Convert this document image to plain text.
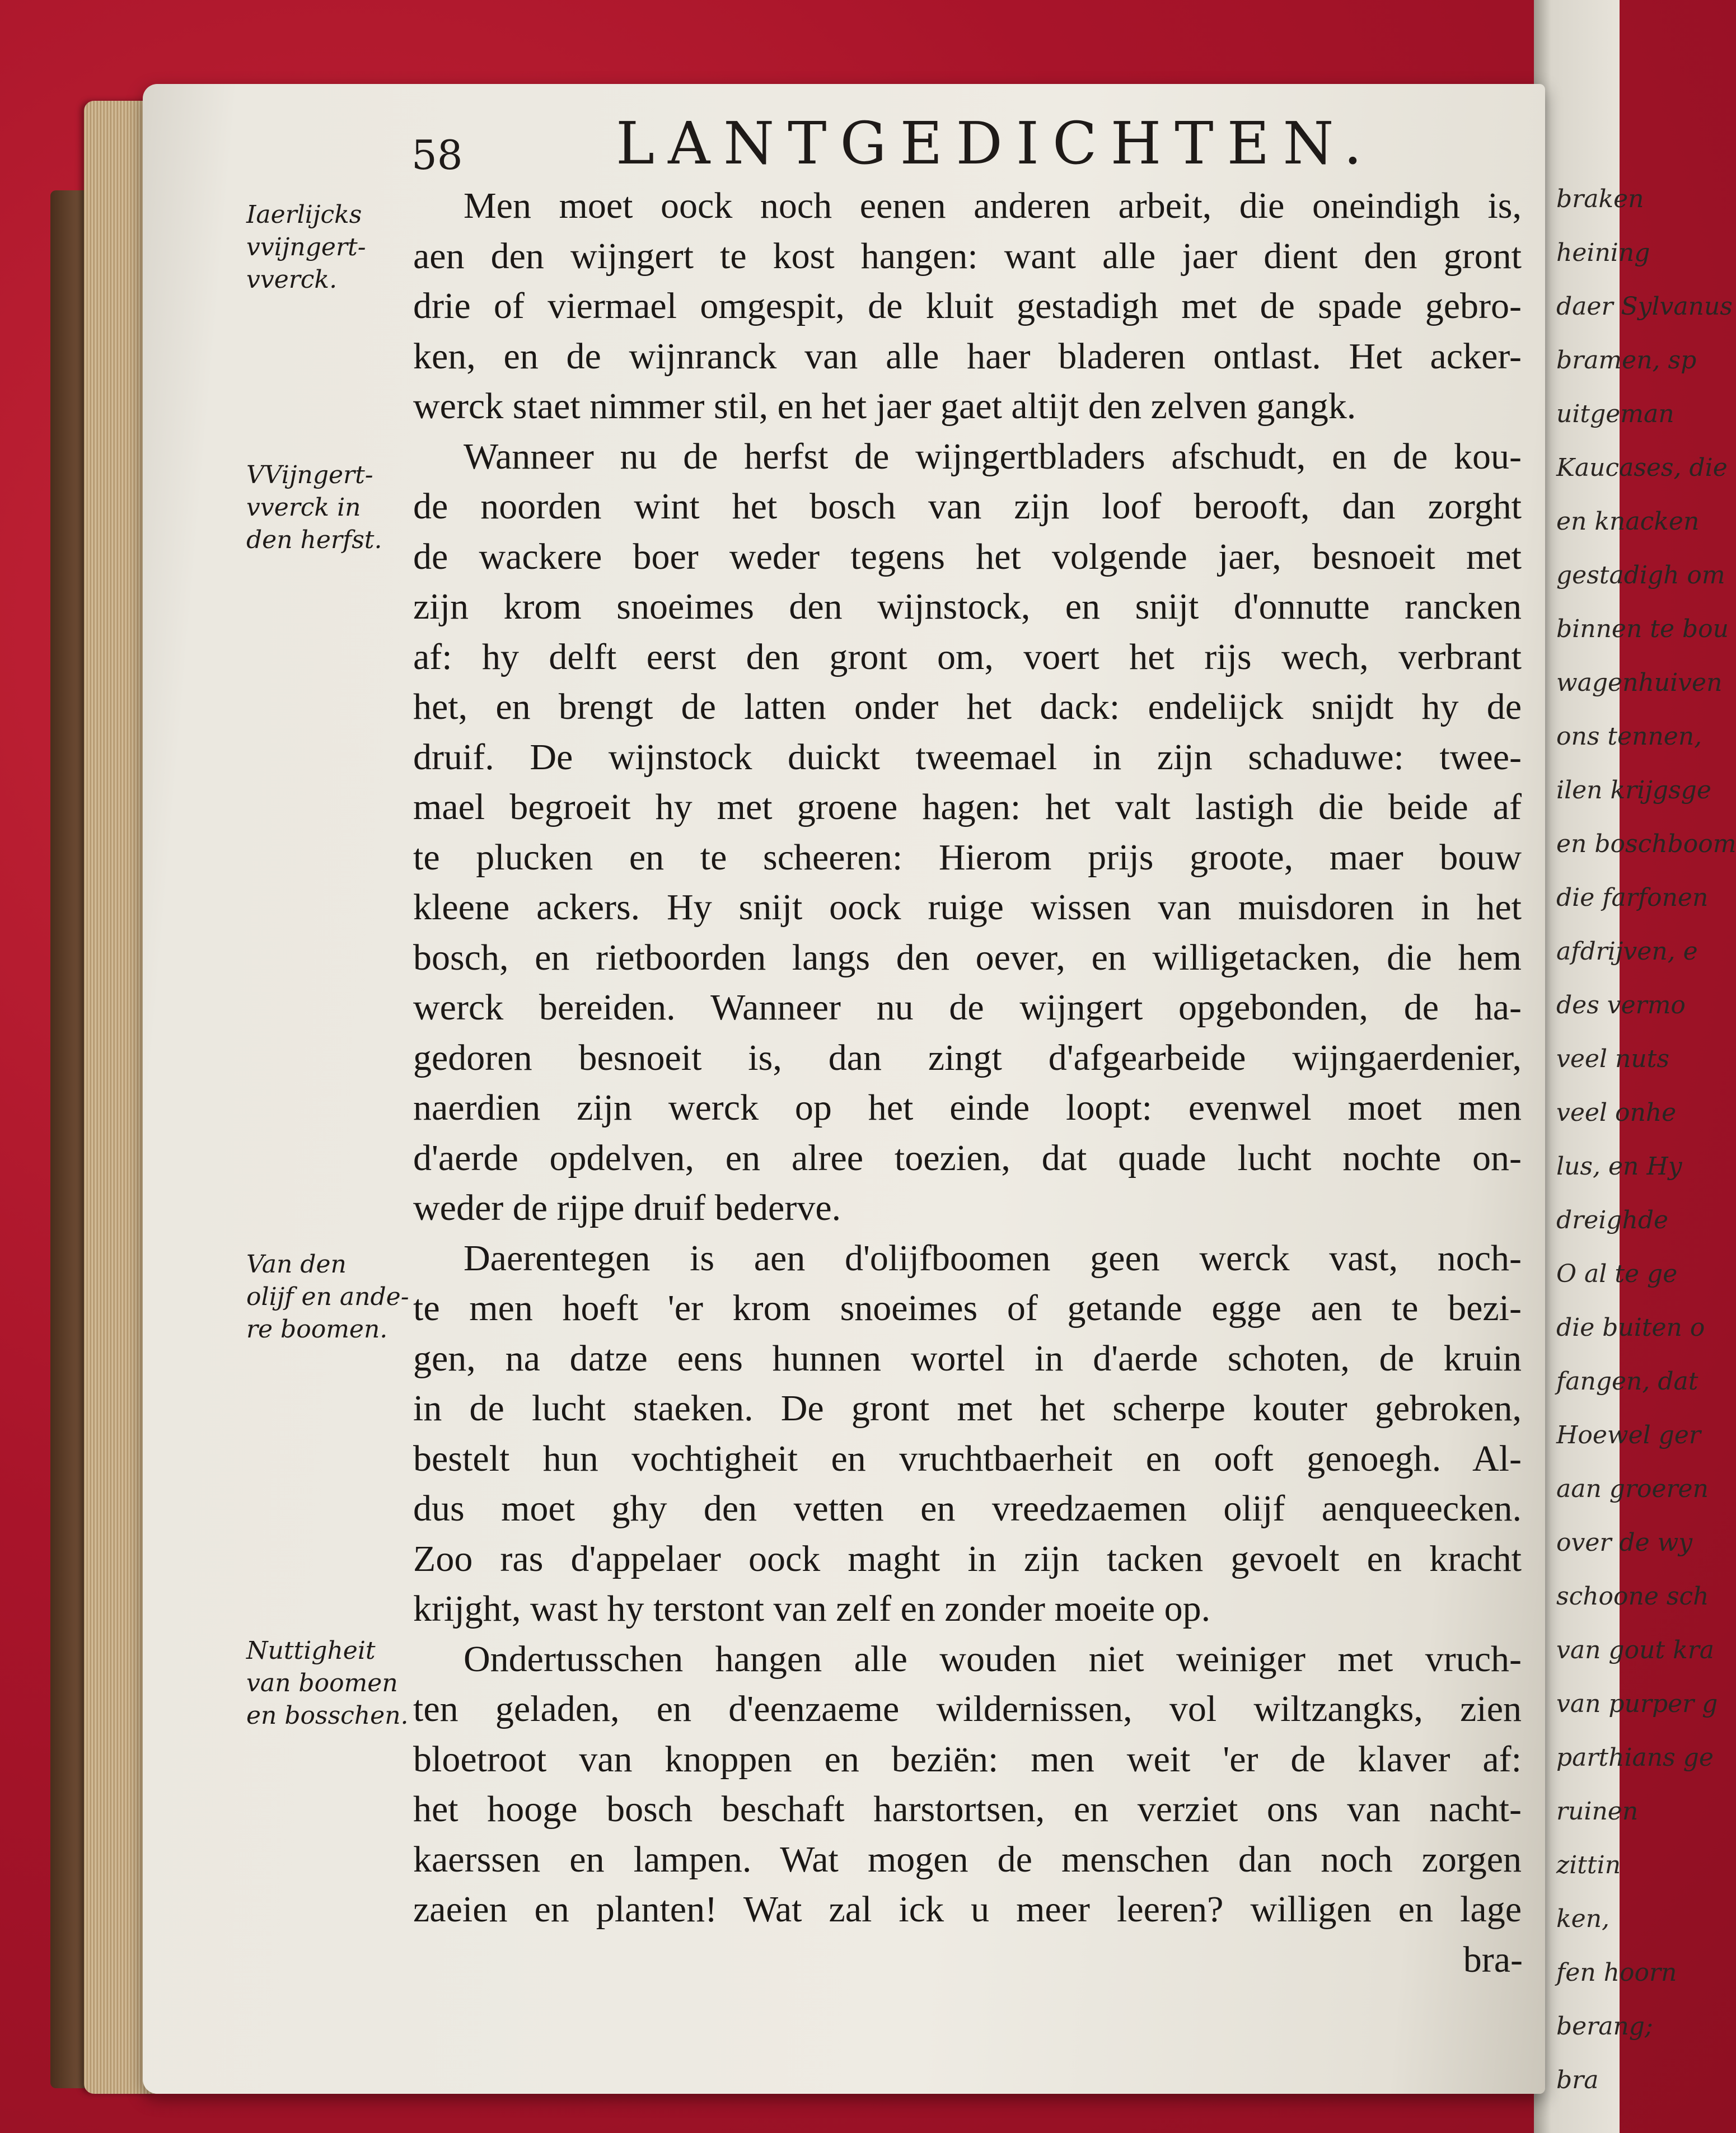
braken
heining
daer Sylvanus
bramen, sp
uitgeman
Kaucases, die
en knacken
gestadigh om
binnen te bou
wagenhuiven
ons tennen,
ilen krijgsge
en boschboom
die farfonen
afdrijven, e
des vermo
veel nuts
veel onhe
lus, en Hy
dreighde
O al te ge
die buiten o
fangen, dat
Hoewel ger
aan groeren
over de wy
schoone sch
van gout kra
van purper g
parthians ge
ruinen
zittin
ken,
fen hoorn
berang;
bra
58	LANTGEDICHTEN.
Iaerlijcks
vvijngert-
vverck.
VVijngert-
vverck in
den herfst.
Van den
olijf en ande-
re boomen.
Nuttigheit
van boomen
en bosschen.
Men moet oock noch eenen anderen arbeit, die oneindigh is,
aen den wijngert te kost hangen: want alle jaer dient den gront
drie of viermael omgespit, de kluit gestadigh met de spade gebro-
ken, en de wijnranck van alle haer bladeren ontlast. Het acker-
werck staet nimmer stil, en het jaer gaet altijt den zelven gangk.
Wanneer nu de herfst de wijngertbladers afschudt, en de kou-
de noorden wint het bosch van zijn loof berooft, dan zorght
de wackere boer weder tegens het volgende jaer, besnoeit met
zijn krom snoeimes den wijnstock, en snijt d'onnutte rancken
af: hy delft eerst den gront om, voert het rijs wech, verbrant
het, en brengt de latten onder het dack: endelijck snijdt hy de
druif. De wijnstock duickt tweemael in zijn schaduwe: twee-
mael begroeit hy met groene hagen: het valt lastigh die beide af
te plucken en te scheeren: Hierom prijs groote, maer bouw
kleene ackers. Hy snijt oock ruige wissen van muisdoren in het
bosch, en rietboorden langs den oever, en willigetacken, die hem
werck bereiden. Wanneer nu de wijngert opgebonden, de ha-
gedoren besnoeit is, dan zingt d'afgearbeide wijngaerdenier,
naerdien zijn werck op het einde loopt: evenwel moet men
d'aerde opdelven, en alree toezien, dat quade lucht nochte on-
weder de rijpe druif bederve.
Daerentegen is aen d'olijfboomen geen werck vast, noch-
te men hoeft 'er krom snoeimes of getande egge aen te bezi-
gen, na datze eens hunnen wortel in d'aerde schoten, de kruin
in de lucht staeken. De gront met het scherpe kouter gebroken,
bestelt hun vochtigheit en vruchtbaerheit en ooft genoegh. Al-
dus moet ghy den vetten en vreedzaemen olijf aenqueecken.
Zoo ras d'appelaer oock maght in zijn tacken gevoelt en kracht
krijght, wast hy terstont van zelf en zonder moeite op.
Ondertusschen hangen alle wouden niet weiniger met vruch-
ten geladen, en d'eenzaeme wildernissen, vol wiltzangks, zien
bloetroot van knoppen en beziën: men weit 'er de klaver af:
het hooge bosch beschaft harstortsen, en verziet ons van nacht-
kaerssen en lampen. Wat mogen de menschen dan noch zorgen
zaeien en planten! Wat zal ick u meer leeren? willigen en lage
bra-
